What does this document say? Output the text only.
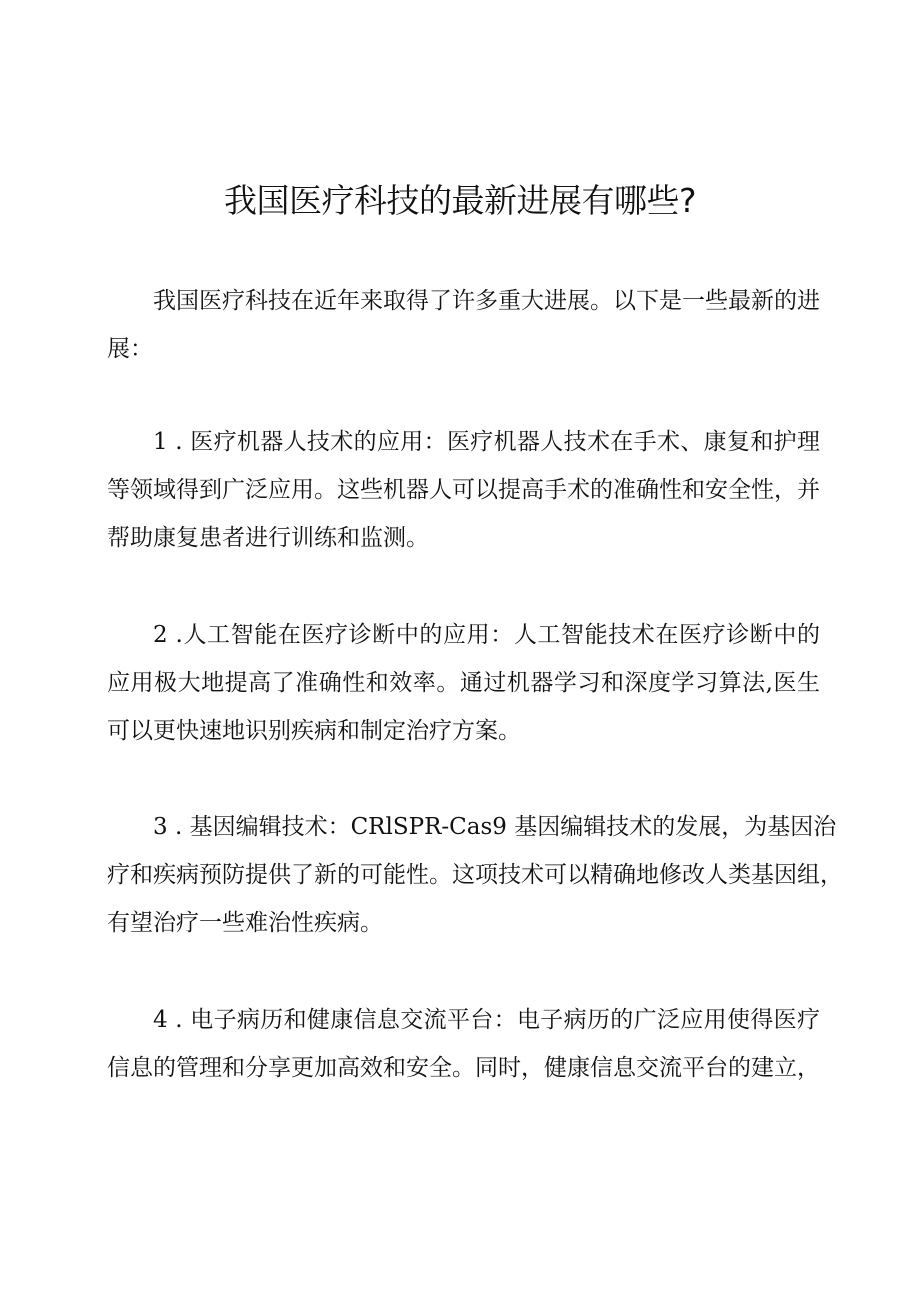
我国医疗科技的最新进展有哪些?
我国医疗科技在近年来取得了许多重大进展。以下是一些最新的进
展：
1 . 医疗机器人技术的应用：医疗机器人技术在手术、康复和护理
等领域得到广泛应用。这些机器人可以提高手术的准确性和安全性，并
帮助康复患者进行训练和监测。
2 .人工智能在医疗诊断中的应用：人工智能技术在医疗诊断中的
应用极大地提高了准确性和效率。通过机器学习和深度学习算法,医生
可以更快速地识别疾病和制定治疗方案。
3 . 基因编辑技术：CRlSPR-Cas9 基因编辑技术的发展，为基因治
疗和疾病预防提供了新的可能性。这项技术可以精确地修改人类基因组，
有望治疗一些难治性疾病。
4 . 电子病历和健康信息交流平台：电子病历的广泛应用使得医疗
信息的管理和分享更加高效和安全。同时，健康信息交流平台的建立，
